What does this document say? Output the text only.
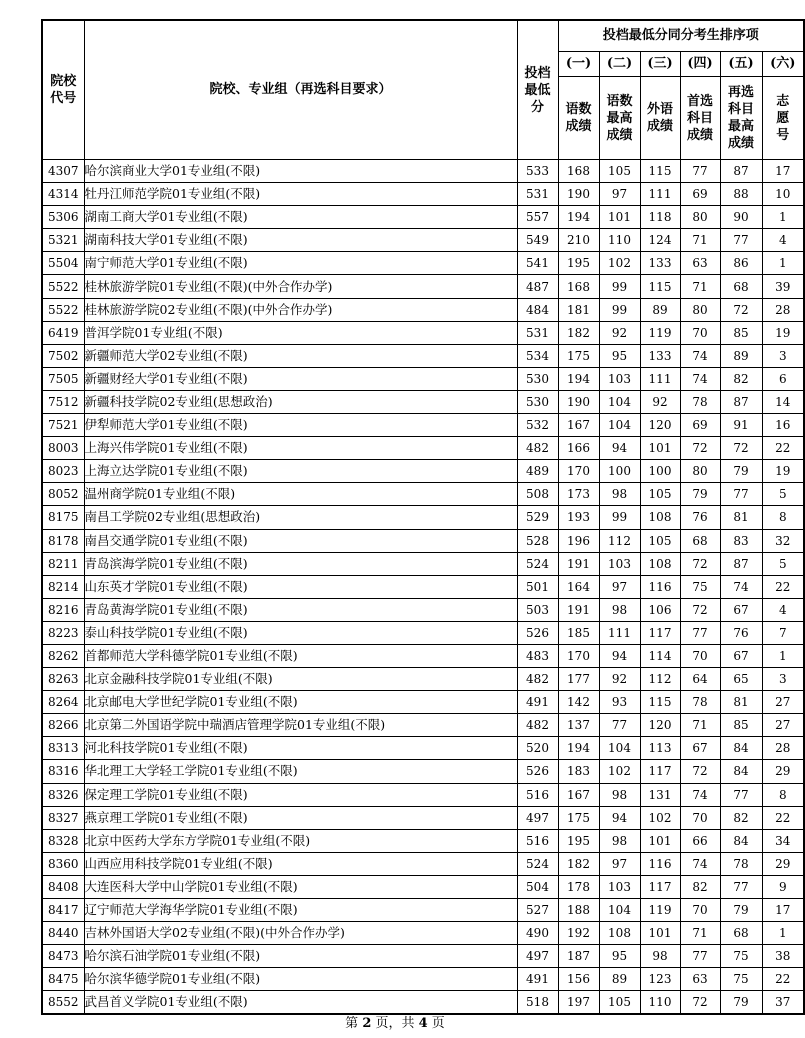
院校代号	院校、专业组（再选科目要求）	投档最低分	投档最低分同分考生排序项					
			(一)	(二)	(三)	(四)	(五)	(六)
			语数成绩	语数最高成绩	外语成绩	首选科目成绩	再选科目最高成绩	志愿号
4307	哈尔滨商业大学01专业组(不限)	533	168	105	115	77	87	17
4314	牡丹江师范学院01专业组(不限)	531	190	97	111	69	88	10
5306	湖南工商大学01专业组(不限)	557	194	101	118	80	90	1
5321	湖南科技大学01专业组(不限)	549	210	110	124	71	77	4
5504	南宁师范大学01专业组(不限)	541	195	102	133	63	86	1
5522	桂林旅游学院01专业组(不限)(中外合作办学)	487	168	99	115	71	68	39
5522	桂林旅游学院02专业组(不限)(中外合作办学)	484	181	99	89	80	72	28
6419	普洱学院01专业组(不限)	531	182	92	119	70	85	19
7502	新疆师范大学02专业组(不限)	534	175	95	133	74	89	3
7505	新疆财经大学01专业组(不限)	530	194	103	111	74	82	6
7512	新疆科技学院02专业组(思想政治)	530	190	104	92	78	87	14
7521	伊犁师范大学01专业组(不限)	532	167	104	120	69	91	16
8003	上海兴伟学院01专业组(不限)	482	166	94	101	72	72	22
8023	上海立达学院01专业组(不限)	489	170	100	100	80	79	19
8052	温州商学院01专业组(不限)	508	173	98	105	79	77	5
8175	南昌工学院02专业组(思想政治)	529	193	99	108	76	81	8
8178	南昌交通学院01专业组(不限)	528	196	112	105	68	83	32
8211	青岛滨海学院01专业组(不限)	524	191	103	108	72	87	5
8214	山东英才学院01专业组(不限)	501	164	97	116	75	74	22
8216	青岛黄海学院01专业组(不限)	503	191	98	106	72	67	4
8223	泰山科技学院01专业组(不限)	526	185	111	117	77	76	7
8262	首都师范大学科德学院01专业组(不限)	483	170	94	114	70	67	1
8263	北京金融科技学院01专业组(不限)	482	177	92	112	64	65	3
8264	北京邮电大学世纪学院01专业组(不限)	491	142	93	115	78	81	27
8266	北京第二外国语学院中瑞酒店管理学院01专业组(不限)	482	137	77	120	71	85	27
8313	河北科技学院01专业组(不限)	520	194	104	113	67	84	28
8316	华北理工大学轻工学院01专业组(不限)	526	183	102	117	72	84	29
8326	保定理工学院01专业组(不限)	516	167	98	131	74	77	8
8327	燕京理工学院01专业组(不限)	497	175	94	102	70	82	22
8328	北京中医药大学东方学院01专业组(不限)	516	195	98	101	66	84	34
8360	山西应用科技学院01专业组(不限)	524	182	97	116	74	78	29
8408	大连医科大学中山学院01专业组(不限)	504	178	103	117	82	77	9
8417	辽宁师范大学海华学院01专业组(不限)	527	188	104	119	70	79	17
8440	吉林外国语大学02专业组(不限)(中外合作办学)	490	192	108	101	71	68	1
8473	哈尔滨石油学院01专业组(不限)	497	187	95	98	77	75	38
8475	哈尔滨华德学院01专业组(不限)	491	156	89	123	63	75	22
8552	武昌首义学院01专业组(不限)	518	197	105	110	72	79	37
第 2 页，共 4 页
